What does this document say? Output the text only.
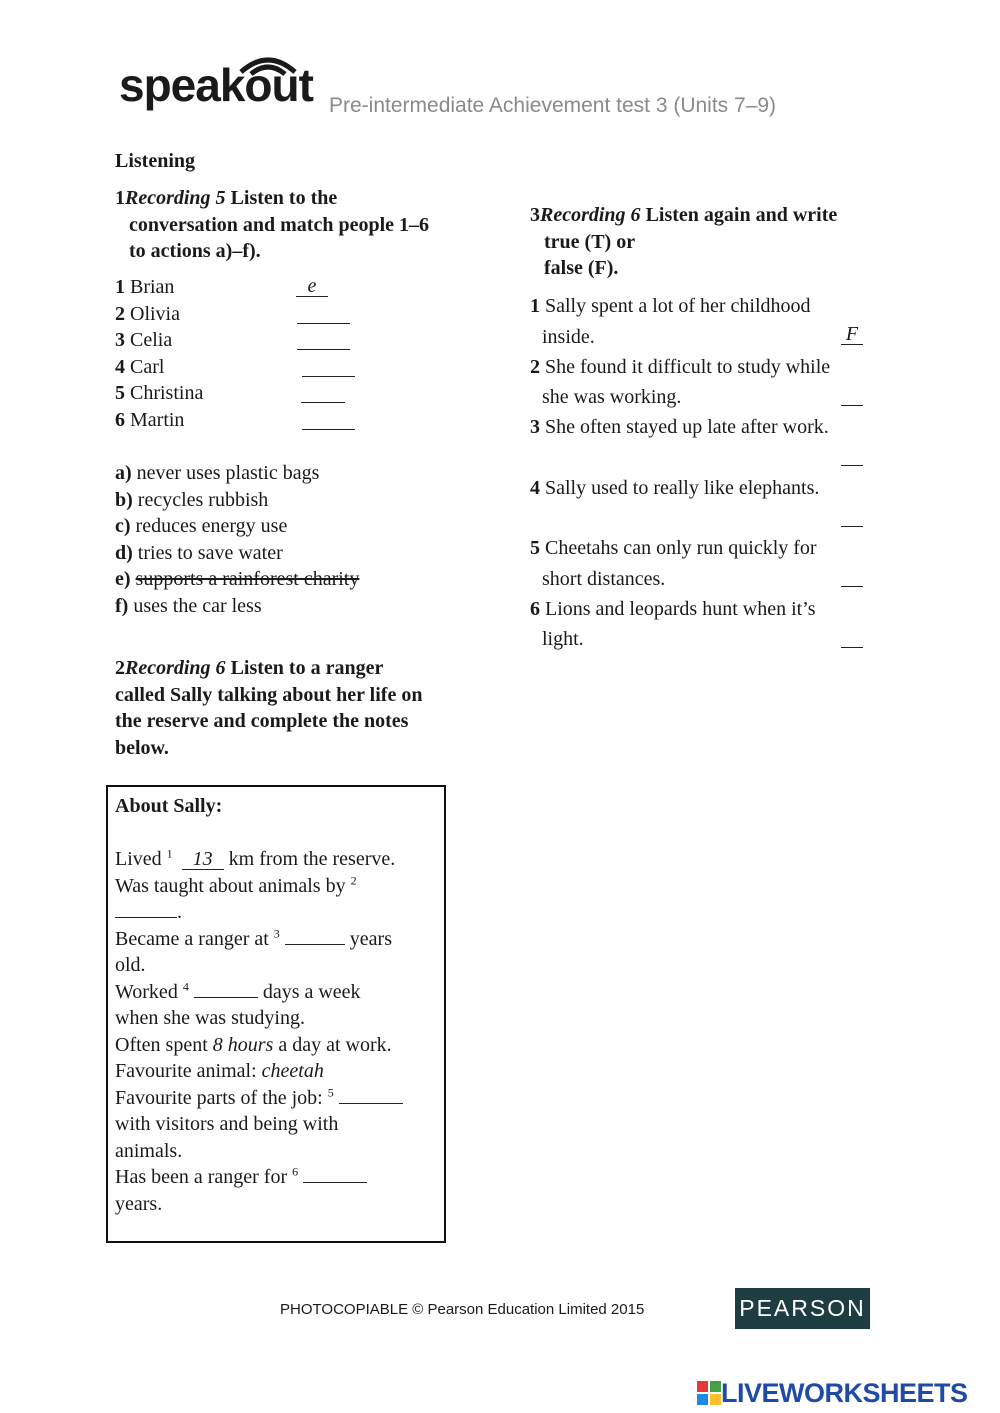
speakout Pre-intermediate Achievement test 3 (Units 7–9)
Listening
1Recording 5 Listen to the
conversation and match people 1–6
to actions a)–f).
1 Brian	e
2 Olivia
3 Celia
4 Carl
5 Christina
6 Martin
a) never uses plastic bags
b) recycles rubbish
c) reduces energy use
d) tries to save water
e) supports a rainforest charity
f) uses the car less
2Recording 6 Listen to a ranger
called Sally talking about her life on
the reserve and complete the notes
below.
About Sally:
Lived $^1$ 13 km from the reserve.
Was taught about animals by $^2$
.
Became a ranger at $^3$	years
old.
Worked $^4$	days a week
when she was studying.
Often spent 8 hours a day at work.
Favourite animal: cheetah
Favourite parts of the job: $^5$
with visitors and being with
animals.
Has been a ranger for $^6$
years.
3Recording 6 Listen again and write
true (T) or
false (F).
1 Sally spent a lot of her childhood
inside.	F
2 She found it difficult to study while
she was working.
3 She often stayed up late after work.
4 Sally used to really like elephants.
5 Cheetahs can only run quickly for
short distances.
6 Lions and leopards hunt when it’s
light.
PHOTOCOPIABLE © Pearson Education Limited 2015	PEARSON
LIVEWORKSHEETS
